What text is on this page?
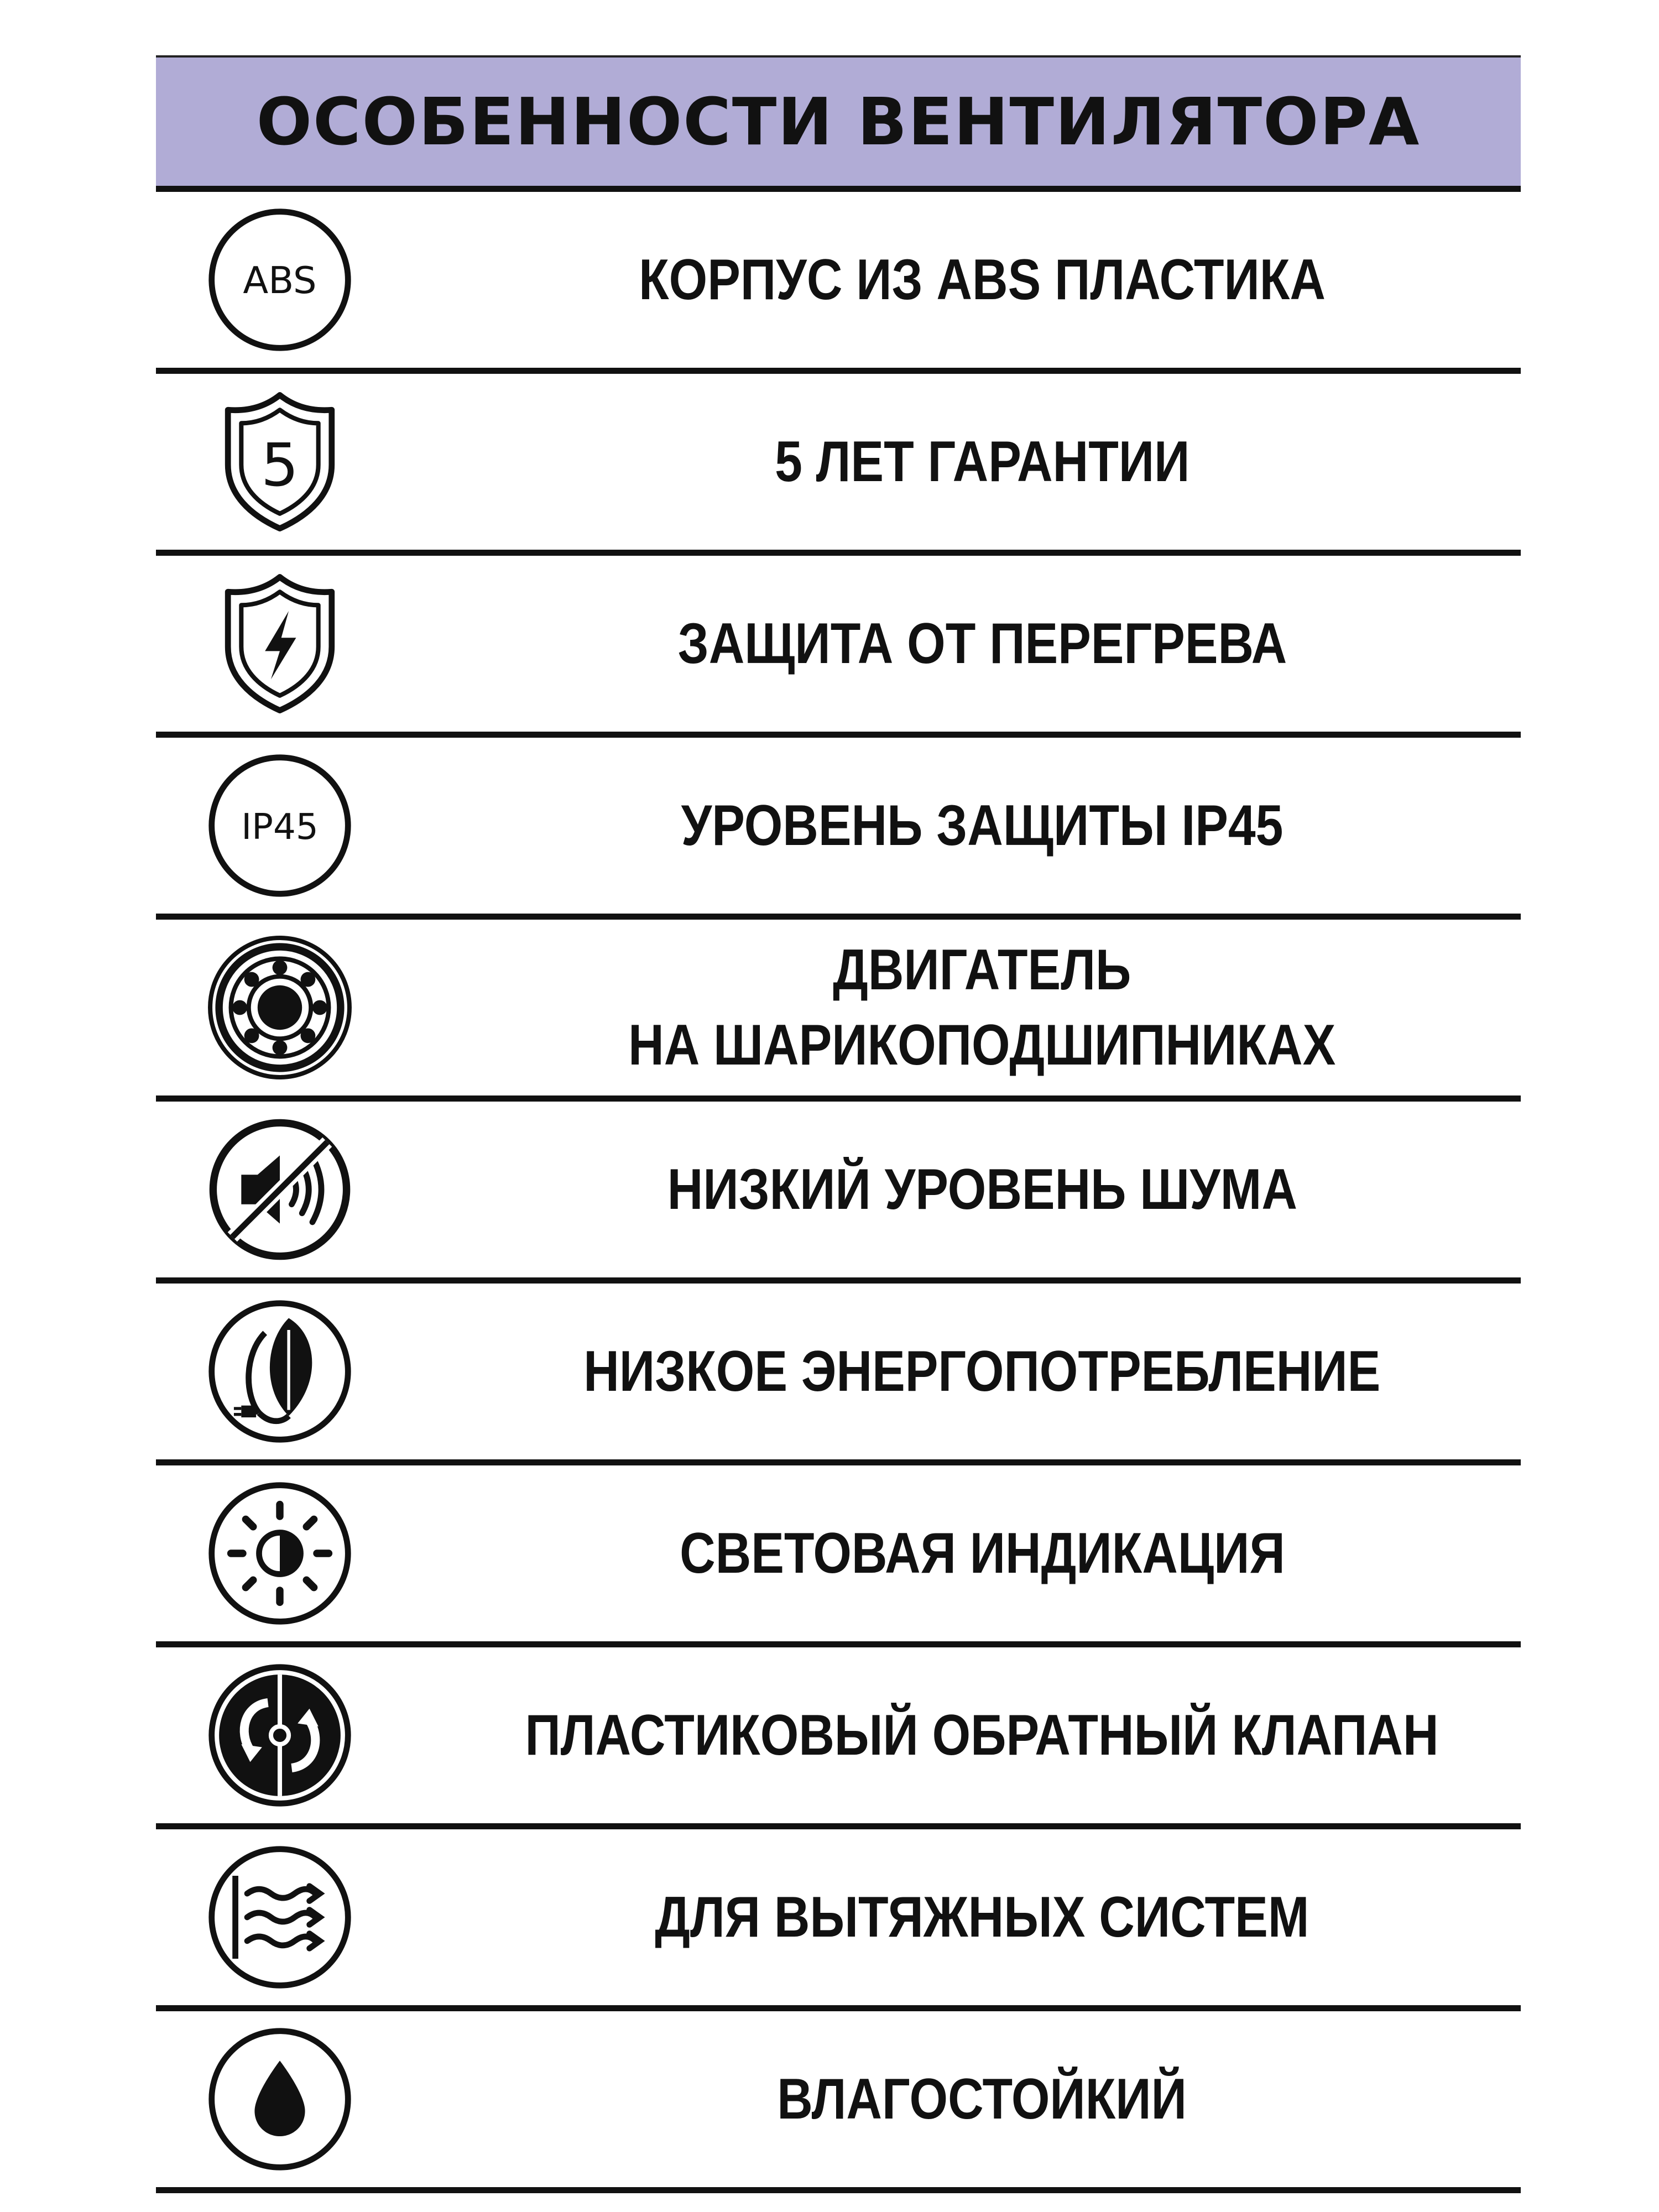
ОСОБЕННОСТИ ВЕНТИЛЯТОРА
ABS	КОРПУС ИЗ ABS ПЛАСТИКА
5	5 ЛЕТ ГАРАНТИИ
ЗАЩИТА ОТ ПЕРЕГРЕВА
IP45	УРОВЕНЬ ЗАЩИТЫ IP45
ДВИГАТЕЛЬ
НА ШАРИКОПОДШИПНИКАХ
НИЗКИЙ УРОВЕНЬ ШУМА
НИЗКОЕ ЭНЕРГОПОТРЕБЛЕНИЕ
СВЕТОВАЯ ИНДИКАЦИЯ
ПЛАСТИКОВЫЙ ОБРАТНЫЙ КЛАПАН
ДЛЯ ВЫТЯЖНЫХ СИСТЕМ
ВЛАГОСТОЙКИЙ
